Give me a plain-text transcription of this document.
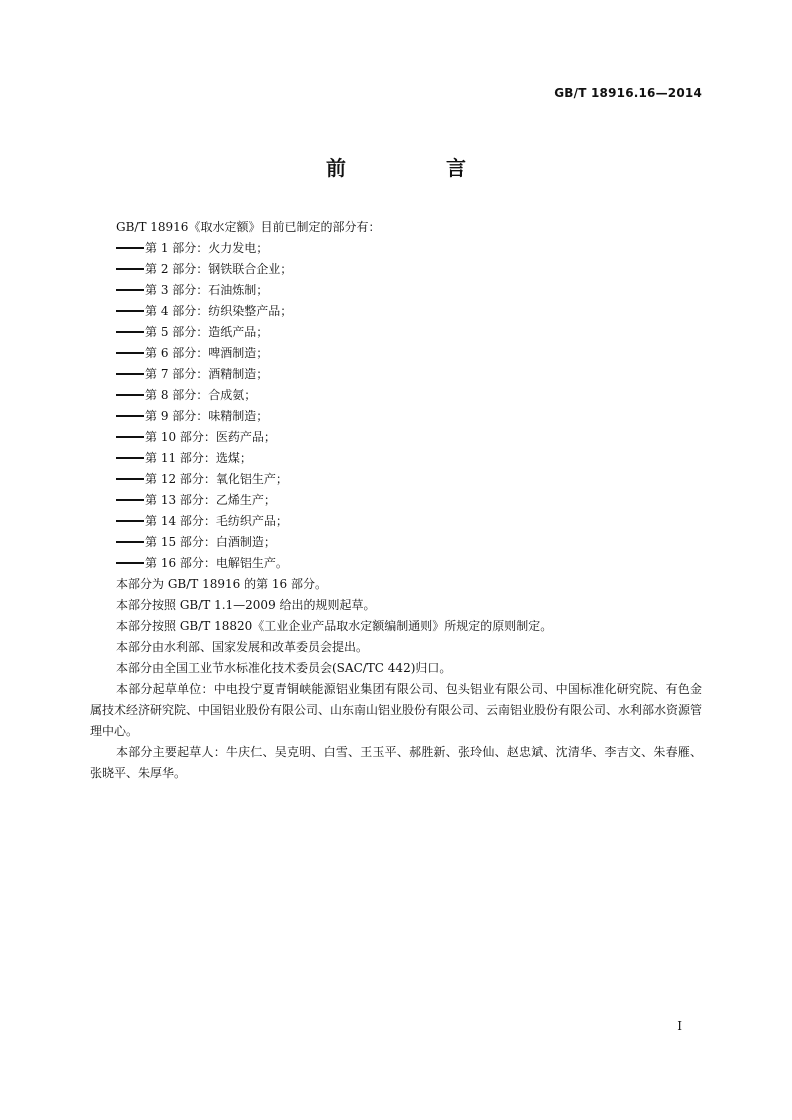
GB/T 18916.16—2014
前　言

GB/T 18916《取水定额》目前已制定的部分有：

第 1 部分：火力发电；

第 2 部分：钢铁联合企业；

第 3 部分：石油炼制；

第 4 部分：纺织染整产品；

第 5 部分：造纸产品；

第 6 部分：啤酒制造；

第 7 部分：酒精制造；

第 8 部分：合成氨；

第 9 部分：味精制造；

第 10 部分：医药产品；

第 11 部分：选煤；

第 12 部分：氧化铝生产；

第 13 部分：乙烯生产；

第 14 部分：毛纺织产品；

第 15 部分：白酒制造；

第 16 部分：电解铝生产。

本部分为 GB/T 18916 的第 16 部分。

本部分按照 GB/T 1.1—2009 给出的规则起草。

本部分按照 GB/T 18820《工业企业产品取水定额编制通则》所规定的原则制定。

本部分由水利部、国家发展和改革委员会提出。

本部分由全国工业节水标准化技术委员会(SAC/TC 442)归口。

本部分起草单位：中电投宁夏青铜峡能源铝业集团有限公司、包头铝业有限公司、中国标准化研究院、有色金属技术经济研究院、中国铝业股份有限公司、山东南山铝业股份有限公司、云南铝业股份有限公司、水利部水资源管理中心。

本部分主要起草人：牛庆仁、吴克明、白雪、王玉平、郝胜新、张玲仙、赵忠斌、沈清华、李吉文、朱春雁、张晓平、朱厚华。

I
